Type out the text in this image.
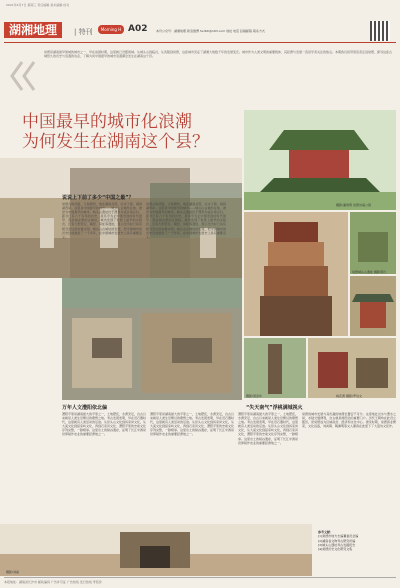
2021年4月7日 星期三 责任编辑 美术编辑 校对
湖湘地理	| 特刊	Morning H A02	本刊公众号：湖湘地理 新浪微博 hxdldl@163.com 地址 电话 投稿邮箱 联系方式
常德是湖南最早建城的城市之一，早在战国时期，这里就已设郡建城。从城头山到临沅，从武陵到常德，这座城市见证了湖湘大地数千年的发展变迁。城市作为人类文明的重要载体，其起源与发展一直是学者关注的焦点。本期我们将带领读者走进常德，探寻这座古城悠久的历史与浪漫的诗意，了解为何中国最早的城市浪漫潮会发生在湖南这个县。
中国最早的城市化浪潮
为何发生在湖南这个县？
说说上下前了多少“中国之最”？
常德古称武陵，又称朗州，地处湖南北部，沅水下游，洞庭湖西岸。这里是中国最早的城市——城头山古城所在地，被誉为中国最早的城市。城头山遗址位于澧县车溪乡南岳村，距今已有六千多年的历史，是迄今为止中国发现的时代最早、保存最完整的古城址。城内发现了世界上最早的水稻田，还有大型祭坛、陶窑、房址等遗迹，显示出当时已具有相当发达的农耕文明。城头山古城址的发现，把中国城市的历史往前推进了一千多年，在中国城市发展史上具有重要意义。
常德古称武陵，又称朗州，地处湖南北部，沅水下游，洞庭湖西岸。这里是中国最早的城市——城头山古城所在地，被誉为中国最早的城市。城头山遗址位于澧县车溪乡南岳村，距今已有六千多年的历史，是迄今为止中国发现的时代最早、保存最完整的古城址。城内发现了世界上最早的水稻田，还有大型祭坛、陶窑、房址等遗迹，显示出当时已具有相当发达的农耕文明。城头山古城址的发现，把中国城市的历史往前推进了一千多年，在中国城市发展史上具有重要意义。
万年人文澧阳依北偏
澧阳平原是湖南最大的平原之一，土地肥沃，水源充足，自古以来就是人类生息繁衍的理想之地。考古发现表明，早在旧石器时代，这里就有人类活动的足迹。从彭头山文化到汤家岗文化，从大溪文化到屈家岭文化，再到石家河文化，澧阳平原的史前文化序列完整，一脉相承。这里出土的稻谷遗存，证明了长江中游是世界稻作农业的重要起源地之一。
澧阳平原是湖南最大的平原之一，土地肥沃，水源充足，自古以来就是人类生息繁衍的理想之地。考古发现表明，早在旧石器时代，这里就有人类活动的足迹。从彭头山文化到汤家岗文化，从大溪文化到屈家岭文化，再到石家河文化，澧阳平原的史前文化序列完整，一脉相承。这里出土的稻谷遗存，证明了长江中游是世界稻作农业的重要起源地之一。
澧阳平原是湖南最大的平原之一，土地肥沃，水源充足，自古以来就是人类生息繁衍的理想之地。考古发现表明，早在旧石器时代，这里就有人类活动的足迹。从彭头山文化到汤家岗文化，从大溪文化到屈家岭文化，再到石家河文化，澧阳平原的史前文化序列完整，一脉相承。这里出土的稻谷遗存，证明了长江中游是世界稻作农业的重要起源地之一。
摄影/刘丽
摄影/潘建明 常德诗墙公园
常德城头山遗址 摄影/陈仁
摄影/周金华	桃花源 摄影/罗诗文
“失天南气”浮桃满城视火
常德的城市发展与其优越的地理位置密不可分。这里地处沅水与澧水之间，水陆交通便利，自古就是湘西北的重要门户。历代王朝均在此设立郡县，使常德成为区域政治、经济和文化中心。唐宋时期，常德商业繁荣，文化昌盛，刘禹锡、陶渊明等文人墨客在此留下了大量诗文佳作。
参考文献：
[1]常德市地方志编纂委员会编
[2]湖南省文物考古研究所编
[3]城头山遗址考古发掘报告
[4]常德历史文化研究文集
本报地址：湖南省长沙市 邮政编码 广告许可证 广告热线 发行热线 零售价
